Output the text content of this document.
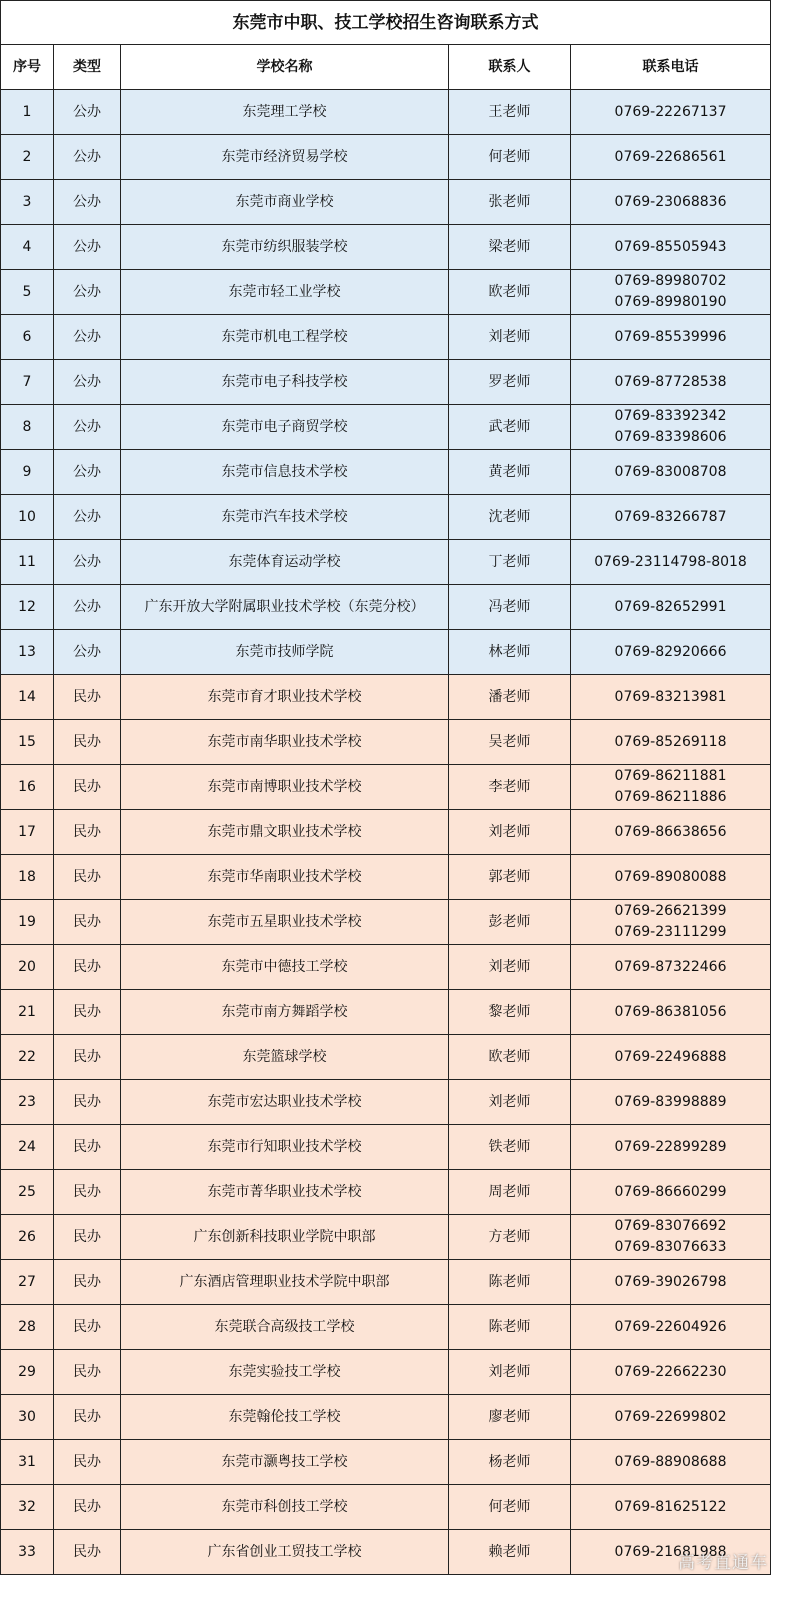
东莞市中职、技工学校招生咨询联系方式				
序号	类型	学校名称	联系人	联系电话
1	公办	东莞理工学校	王老师	0769-22267137

2	公办	东莞市经济贸易学校	何老师	0769-22686561

3	公办	东莞市商业学校	张老师	0769-23068836

4	公办	东莞市纺织服装学校	梁老师	0769-85505943

5	公办	东莞市轻工业学校	欧老师	0769-89980702
0769-89980190

6	公办	东莞市机电工程学校	刘老师	0769-85539996

7	公办	东莞市电子科技学校	罗老师	0769-87728538

8	公办	东莞市电子商贸学校	武老师	0769-83392342
0769-83398606

9	公办	东莞市信息技术学校	黄老师	0769-83008708

10	公办	东莞市汽车技术学校	沈老师	0769-83266787

11	公办	东莞体育运动学校	丁老师	0769-23114798-8018

12	公办	广东开放大学附属职业技术学校（东莞分校）	冯老师	0769-82652991

13	公办	东莞市技师学院	林老师	0769-82920666

14	民办	东莞市育才职业技术学校	潘老师	0769-83213981

15	民办	东莞市南华职业技术学校	吴老师	0769-85269118

16	民办	东莞市南博职业技术学校	李老师	0769-86211881
0769-86211886

17	民办	东莞市鼎文职业技术学校	刘老师	0769-86638656

18	民办	东莞市华南职业技术学校	郭老师	0769-89080088

19	民办	东莞市五星职业技术学校	彭老师	0769-26621399
0769-23111299

20	民办	东莞市中德技工学校	刘老师	0769-87322466

21	民办	东莞市南方舞蹈学校	黎老师	0769-86381056

22	民办	东莞篮球学校	欧老师	0769-22496888

23	民办	东莞市宏达职业技术学校	刘老师	0769-83998889

24	民办	东莞市行知职业技术学校	铁老师	0769-22899289

25	民办	东莞市菁华职业技术学校	周老师	0769-86660299

26	民办	广东创新科技职业学院中职部	方老师	0769-83076692
0769-83076633

27	民办	广东酒店管理职业技术学院中职部	陈老师	0769-39026798

28	民办	东莞联合高级技工学校	陈老师	0769-22604926

29	民办	东莞实验技工学校	刘老师	0769-22662230

30	民办	东莞翰伦技工学校	廖老师	0769-22699802

31	民办	东莞市灏粤技工学校	杨老师	0769-88908688

32	民办	东莞市科创技工学校	何老师	0769-81625122

33	民办	广东省创业工贸技工学校	赖老师	0769-21681988
高考直通车
